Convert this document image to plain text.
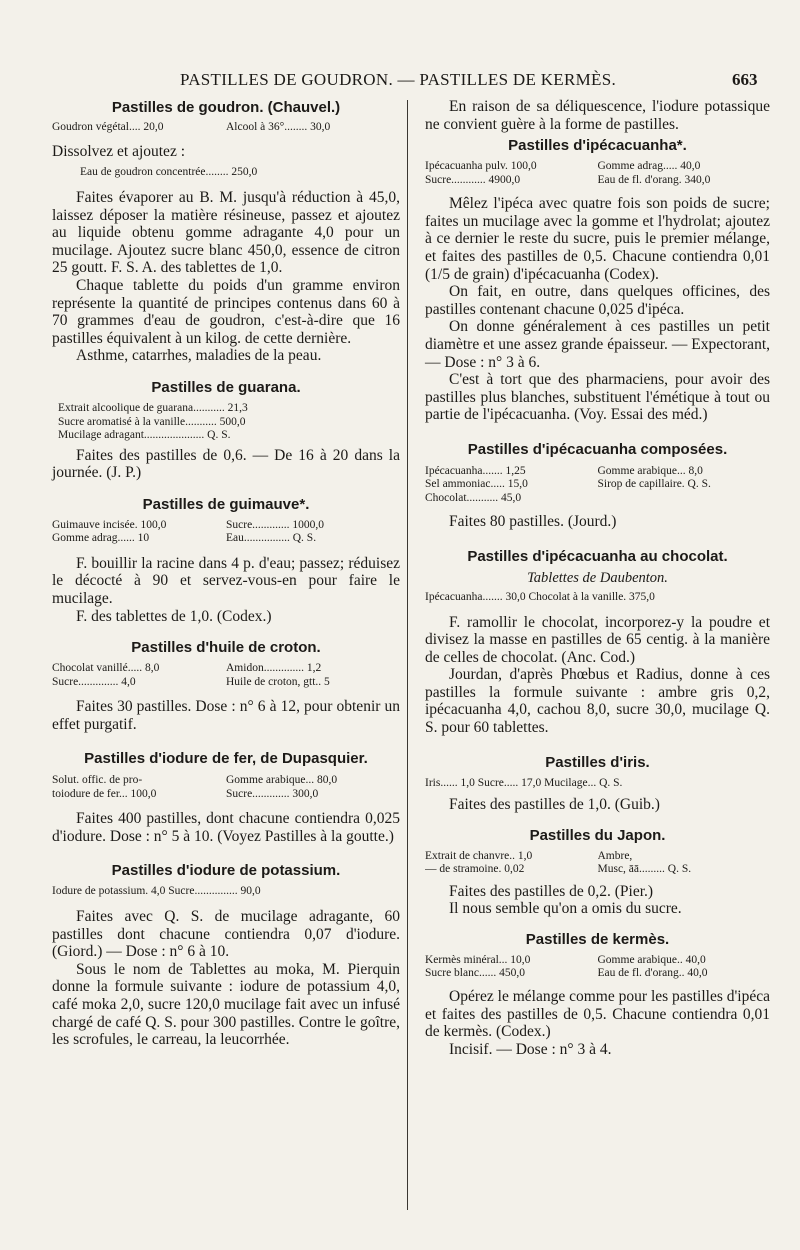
PASTILLES DE GOUDRON. — PASTILLES DE KERMÈS.	663
Pastilles de goudron. (Chauvel.)
Goudron végétal.... 20,0	Alcool à 36°........ 30,0
Dissolvez et ajoutez :
Eau de goudron concentrée........ 250,0
Faites évaporer au B. M. jusqu'à réduction à 45,0, laissez déposer la matière résineuse, passez et ajoutez au liquide obtenu gomme adragante 4,0 pour un mucilage. Ajoutez sucre blanc 450,0, essence de citron 25 goutt. F. S. A. des tablettes de 1,0.
Chaque tablette du poids d'un gramme environ représente la quantité de principes contenus dans 60 à 70 grammes d'eau de goudron, c'est-à-dire que 16 pastilles équivalent à un kilog. de cette dernière.
Asthme, catarrhes, maladies de la peau.
Pastilles de guarana.
Extrait alcoolique de guarana........... 21,3
Sucre aromatisé à la vanille........... 500,0
Mucilage adragant..................... Q. S.
Faites des pastilles de 0,6. — De 16 à 20 dans la journée. (J. P.)
Pastilles de guimauve*.
Guimauve incisée. 100,0	Sucre............. 1000,0
Gomme adrag...... 10	Eau................ Q. S.
F. bouillir la racine dans 4 p. d'eau; passez; réduisez le décocté à 90 et servez-vous-en pour faire le mucilage.
F. des tablettes de 1,0. (Codex.)
Pastilles d'huile de croton.
Chocolat vanillé..... 8,0	Amidon.............. 1,2
Sucre.............. 4,0	Huile de croton, gtt.. 5
Faites 30 pastilles. Dose : n° 6 à 12, pour obtenir un effet purgatif.
Pastilles d'iodure de fer, de Dupasquier.
Solut. offic. de pro-	Gomme arabique... 80,0
toiodure de fer... 100,0	Sucre............. 300,0
Faites 400 pastilles, dont chacune contiendra 0,025 d'iodure. Dose : n° 5 à 10. (Voyez Pastilles à la goutte.)
Pastilles d'iodure de potassium.
Iodure de potassium. 4,0 Sucre............... 90,0
Faites avec Q. S. de mucilage adragante, 60 pastilles dont chacune contiendra 0,07 d'iodure. (Giord.) — Dose : n° 6 à 10.
Sous le nom de Tablettes au moka, M. Pierquin donne la formule suivante : iodure de potassium 4,0, café moka 2,0, sucre 120,0 mucilage fait avec un infusé chargé de café Q. S. pour 300 pastilles. Contre le goître, les scrofules, le carreau, la leucorrhée.
En raison de sa déliquescence, l'iodure potassique ne convient guère à la forme de pastilles.
Pastilles d'ipécacuanha*.
Ipécacuanha pulv. 100,0	Gomme adrag..... 40,0
Sucre............ 4900,0	Eau de fl. d'orang. 340,0
Mêlez l'ipéca avec quatre fois son poids de sucre; faites un mucilage avec la gomme et l'hydrolat; ajoutez à ce dernier le reste du sucre, puis le premier mélange, et faites des pastilles de 0,5. Chacune contiendra 0,01 (1/5 de grain) d'ipécacuanha (Codex).
On fait, en outre, dans quelques officines, des pastilles contenant chacune 0,025 d'ipéca.
On donne généralement à ces pastilles un petit diamètre et une assez grande épaisseur. — Expectorant, — Dose : n° 3 à 6.
C'est à tort que des pharmaciens, pour avoir des pastilles plus blanches, substituent l'émétique à tout ou partie de l'ipécacuanha. (Voy. Essai des méd.)
Pastilles d'ipécacuanha composées.
Ipécacuanha....... 1,25	Gomme arabique... 8,0
Sel ammoniac..... 15,0	Sirop de capillaire. Q. S.
Chocolat........... 45,0
Faites 80 pastilles. (Jourd.)
Pastilles d'ipécacuanha au chocolat.
Tablettes de Daubenton.
Ipécacuanha....... 30,0 Chocolat à la vanille. 375,0
F. ramollir le chocolat, incorporez-y la poudre et divisez la masse en pastilles de 65 centig. à la manière de celles de chocolat. (Anc. Cod.)
Jourdan, d'après Phœbus et Radius, donne à ces pastilles la formule suivante : ambre gris 0,2, ipécacuanha 4,0, cachou 8,0, sucre 30,0, mucilage Q. S. pour 60 tablettes.
Pastilles d'iris.
Iris...... 1,0 Sucre..... 17,0 Mucilage... Q. S.
Faites des pastilles de 1,0. (Guib.)
Pastilles du Japon.
Extrait de chanvre.. 1,0	Ambre,
— de stramoine. 0,02	Musc, āā......... Q. S.
Faites des pastilles de 0,2. (Pier.)
Il nous semble qu'on a omis du sucre.
Pastilles de kermès.
Kermès minéral... 10,0	Gomme arabique.. 40,0
Sucre blanc...... 450,0	Eau de fl. d'orang.. 40,0
Opérez le mélange comme pour les pastilles d'ipéca et faites des pastilles de 0,5. Chacune contiendra 0,01 de kermès. (Codex.)
Incisif. — Dose : n° 3 à 4.
